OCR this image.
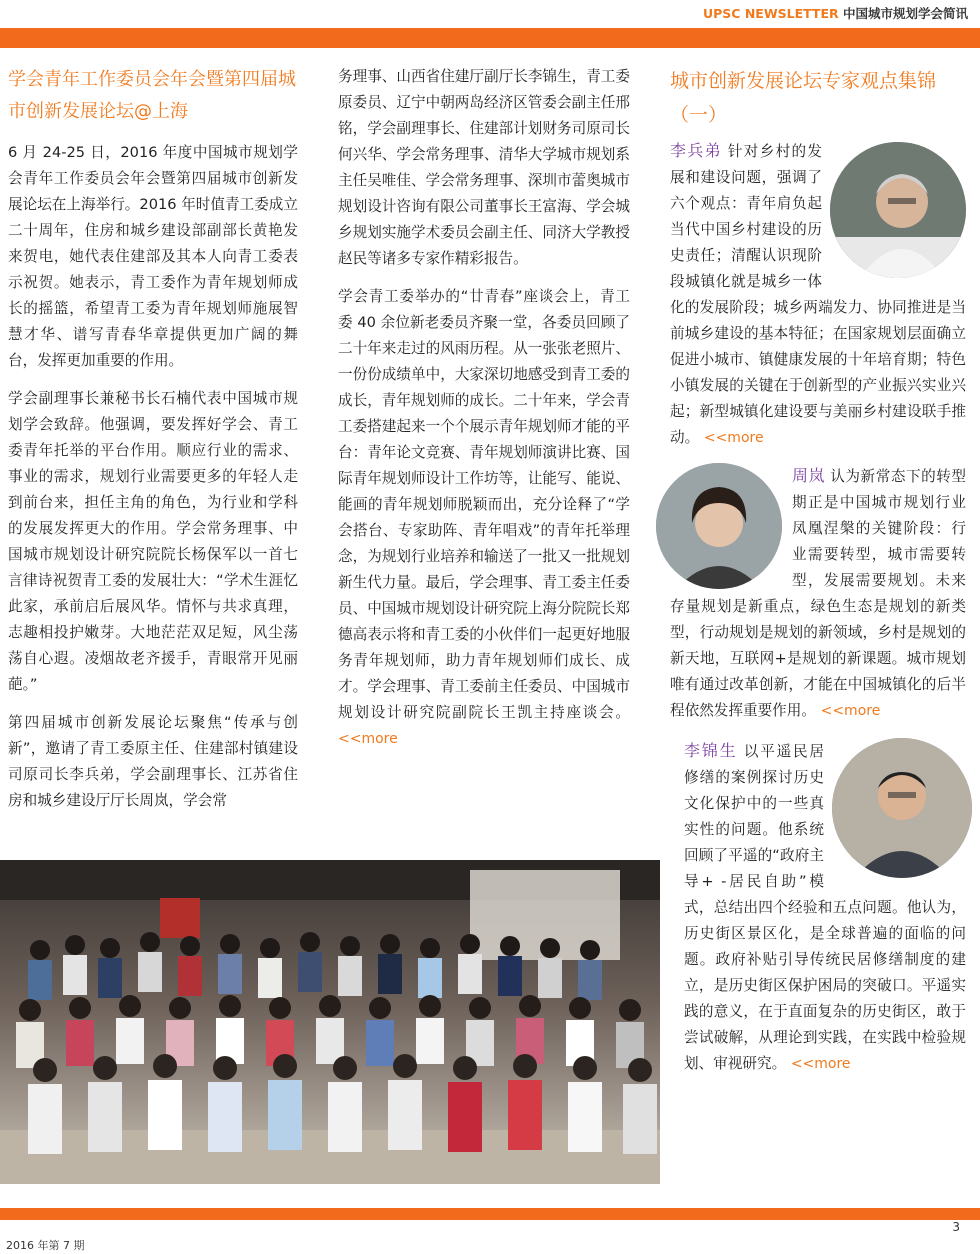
UPSC NEWSLETTER 中国城市规划学会简讯
学会青年工作委员会年会暨第四届城市创新发展论坛@上海

6 月 24-25 日，2016 年度中国城市规划学会青年工作委员会年会暨第四届城市创新发展论坛在上海举行。2016 年时值青工委成立二十周年，住房和城乡建设部副部长黄艳发来贺电，她代表住建部及其本人向青工委表示祝贺。她表示，青工委作为青年规划师成长的摇篮，希望青工委为青年规划师施展智慧才华、谱写青春华章提供更加广阔的舞台，发挥更加重要的作用。

学会副理事长兼秘书长石楠代表中国城市规划学会致辞。他强调，要发挥好学会、青工委青年托举的平台作用。顺应行业的需求、事业的需求，规划行业需要更多的年轻人走到前台来，担任主角的角色，为行业和学科的发展发挥更大的作用。学会常务理事、中国城市规划设计研究院院长杨保军以一首七言律诗祝贺青工委的发展壮大：“学术生涯忆此家，承前启后展风华。情怀与共求真理，志趣相投护嫩芽。大地茫茫双足短，风尘荡荡自心遐。凌烟故老齐援手，青眼常开见丽葩。”

第四届城市创新发展论坛聚焦“传承与创新”，邀请了青工委原主任、住建部村镇建设司原司长李兵弟，学会副理事长、江苏省住房和城乡建设厅厅长周岚，学会常

务理事、山西省住建厅副厅长李锦生，青工委原委员、辽宁中朝两岛经济区管委会副主任邢铭，学会副理事长、住建部计划财务司原司长何兴华、学会常务理事、清华大学城市规划系主任吴唯佳、学会常务理事、深圳市蕾奥城市规划设计咨询有限公司董事长王富海、学会城乡规划实施学术委员会副主任、同济大学教授赵民等诸多专家作精彩报告。

学会青工委举办的“廿青春”座谈会上，青工委 40 余位新老委员齐聚一堂，各委员回顾了二十年来走过的风雨历程。从一张张老照片、一份份成绩单中，大家深切地感受到青工委的成长，青年规划师的成长。二十年来，学会青工委搭建起来一个个展示青年规划师才能的平台：青年论文竞赛、青年规划师演讲比赛、国际青年规划师设计工作坊等，让能写、能说、能画的青年规划师脱颖而出，充分诠释了“学会搭台、专家助阵、青年唱戏”的青年托举理念，为规划行业培养和输送了一批又一批规划新生代力量。最后，学会理事、青工委主任委员、中国城市规划设计研究院上海分院院长郑德高表示将和青工委的小伙伴们一起更好地服务青年规划师，助力青年规划师们成长、成才。学会理事、青工委前主任委员、中国城市规划设计研究院副院长王凯主持座谈会。 <<more

城市创新发展论坛专家观点集锦（一）

李兵弟 针对乡村的发展和建设问题，强调了六个观点：青年肩负起当代中国乡村建设的历史责任；清醒认识现阶段城镇化就是城乡一体化的发展阶段；城乡两端发力、协同推进是当前城乡建设的基本特征；在国家规划层面确立促进小城市、镇健康发展的十年培育期；特色小镇发展的关键在于创新型的产业振兴实业兴起；新型城镇化建设要与美丽乡村建设联手推动。 <<more

周岚 认为新常态下的转型期正是中国城市规划行业凤凰涅槃的关键阶段：行业需要转型，城市需要转型，发展需要规划。未来存量规划是新重点，绿色生态是规划的新类型，行动规划是规划的新领域，乡村是规划的新天地，互联网+是规划的新课题。城市规划唯有通过改革创新，才能在中国城镇化的后半程依然发挥重要作用。 <<more

李锦生 以平遥民居修缮的案例探讨历史文化保护中的一些真实性的问题。他系统回顾了平遥的“政府主导+ -居民自助”模式，总结出四个经验和五点问题。他认为，历史街区景区化，是全球普遍的面临的问题。政府补贴引导传统民居修缮制度的建立，是历史街区保护困局的突破口。平遥实践的意义，在于直面复杂的历史街区，敢于尝试破解，从理论到实践，在实践中检验规划、审视研究。 <<more

3
2016 年第 7 期
